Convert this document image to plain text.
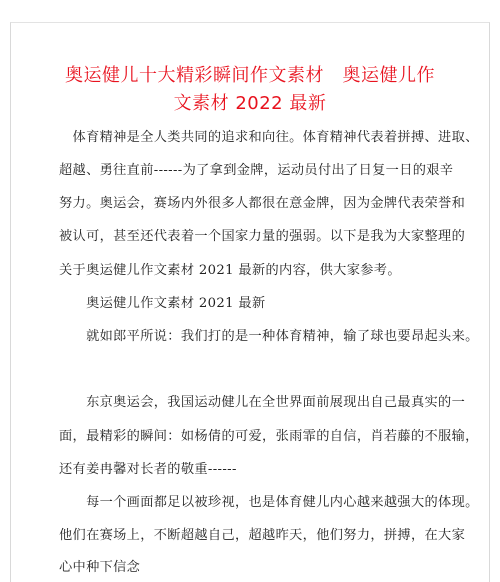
奥运健儿十大精彩瞬间作文素材　奥运健儿作
文素材 2022 最新
　体育精神是全人类共同的追求和向往。体育精神代表着拼搏、进取、
超越、勇往直前------为了拿到金牌，运动员付出了日复一日的艰辛
努力。奥运会，赛场内外很多人都很在意金牌，因为金牌代表荣誉和
被认可，甚至还代表着一个国家力量的强弱。以下是我为大家整理的
关于奥运健儿作文素材 2021 最新的内容，供大家参考。
　　奥运健儿作文素材 2021 最新
　　就如郎平所说：我们打的是一种体育精神，输了球也要昂起头来。
　　东京奥运会，我国运动健儿在全世界面前展现出自己最真实的一
面，最精彩的瞬间：如杨倩的可爱，张雨霏的自信，肖若藤的不服输，
还有姜冉馨对长者的敬重------
　　每一个画面都足以被珍视，也是体育健儿内心越来越强大的体现。
他们在赛场上，不断超越自己，超越昨天，他们努力，拼搏，在大家
心中种下信念
